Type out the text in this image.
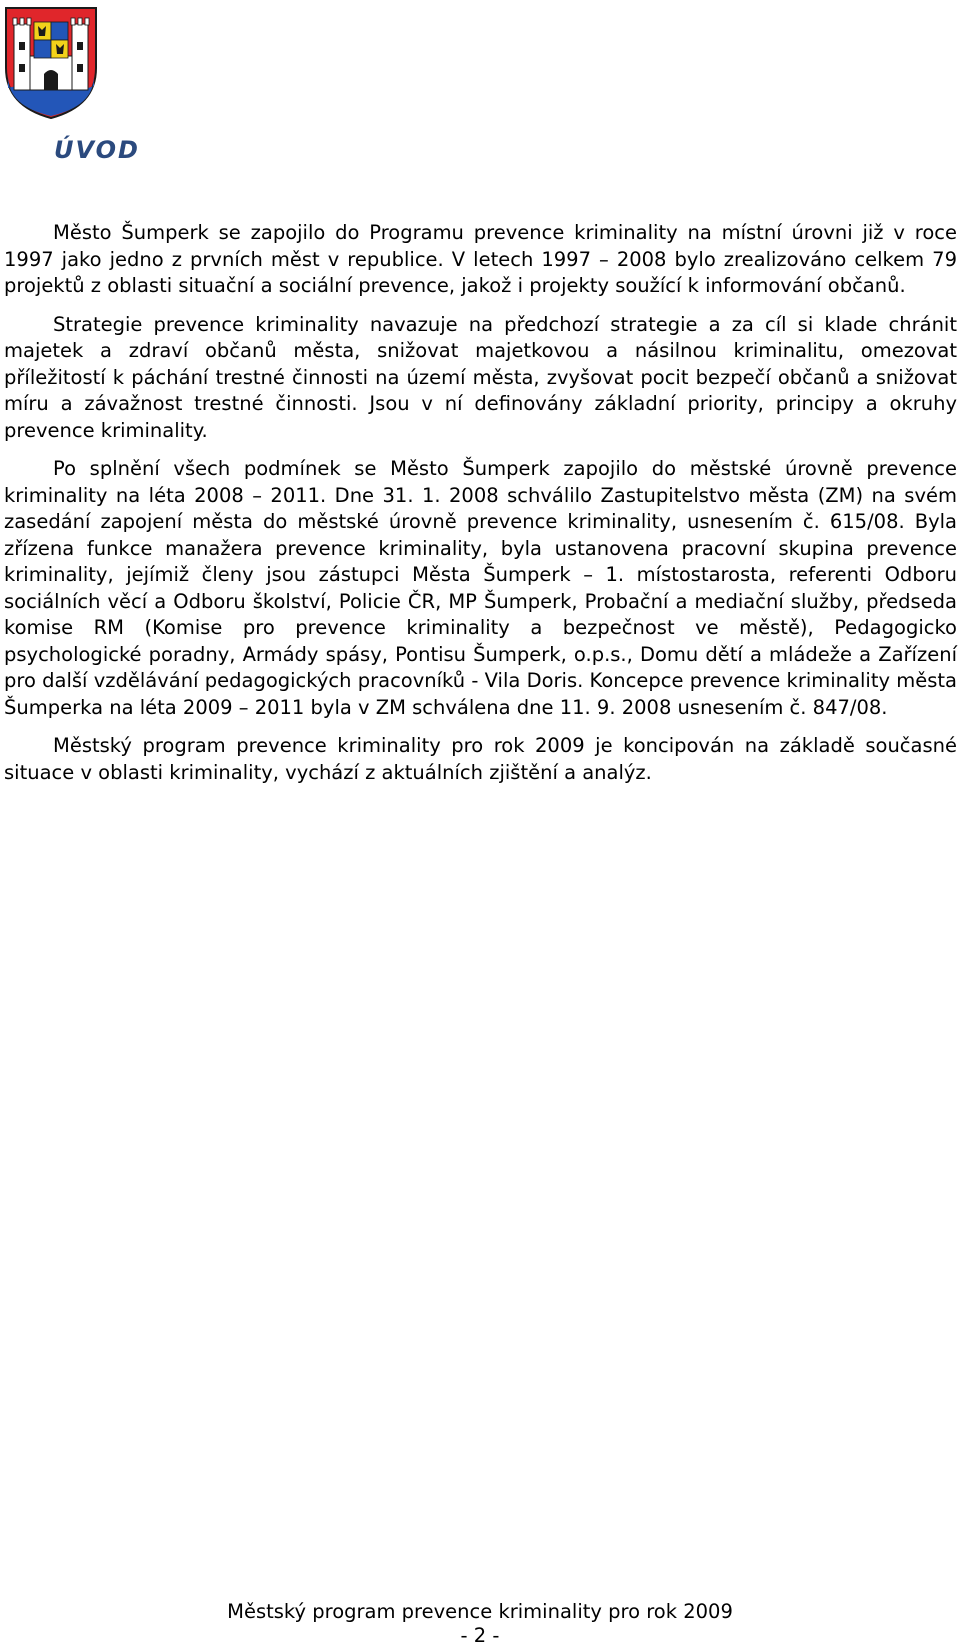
ÚVOD

Město Šumperk se zapojilo do Programu prevence kriminality na místní úrovni již v roce 1997 jako jedno z prvních měst v republice. V letech 1997 – 2008 bylo zrealizováno celkem 79 projektů z oblasti situační a sociální prevence, jakož i projekty soužící k informování občanů.

Strategie prevence kriminality navazuje na předchozí strategie a za cíl si klade chránit majetek a zdraví občanů města, snižovat majetkovou a násilnou kriminalitu, omezovat příležitostí k páchání trestné činnosti na území města, zvyšovat pocit bezpečí občanů a snižovat míru a závažnost trestné činnosti. Jsou v ní definovány základní priority, principy a okruhy prevence kriminality.

Po splnění všech podmínek se Město Šumperk zapojilo do městské úrovně prevence kriminality na léta 2008 – 2011. Dne 31. 1. 2008 schválilo Zastupitelstvo města (ZM) na svém zasedání zapojení města do městské úrovně prevence kriminality, usnesením č. 615/08. Byla zřízena funkce manažera prevence kriminality, byla ustanovena pracovní skupina prevence kriminality, jejímiž členy jsou zástupci Města Šumperk – 1. místostarosta, referenti Odboru sociálních věcí a Odboru školství, Policie ČR, MP Šumperk, Probační a mediační služby, předseda komise RM (Komise pro prevence kriminality a bezpečnost ve městě), Pedagogicko psychologické poradny, Armády spásy, Pontisu Šumperk, o.p.s., Domu dětí a mládeže a Zařízení pro další vzdělávání pedagogických pracovníků - Vila Doris. Koncepce prevence kriminality města Šumperka na léta 2009 – 2011 byla v ZM schválena dne 11. 9. 2008 usnesením č. 847/08.

Městský program prevence kriminality pro rok 2009 je koncipován na základě současné situace v oblasti kriminality, vychází z aktuálních zjištění a analýz.

Městský program prevence kriminality pro rok 2009
- 2 -
